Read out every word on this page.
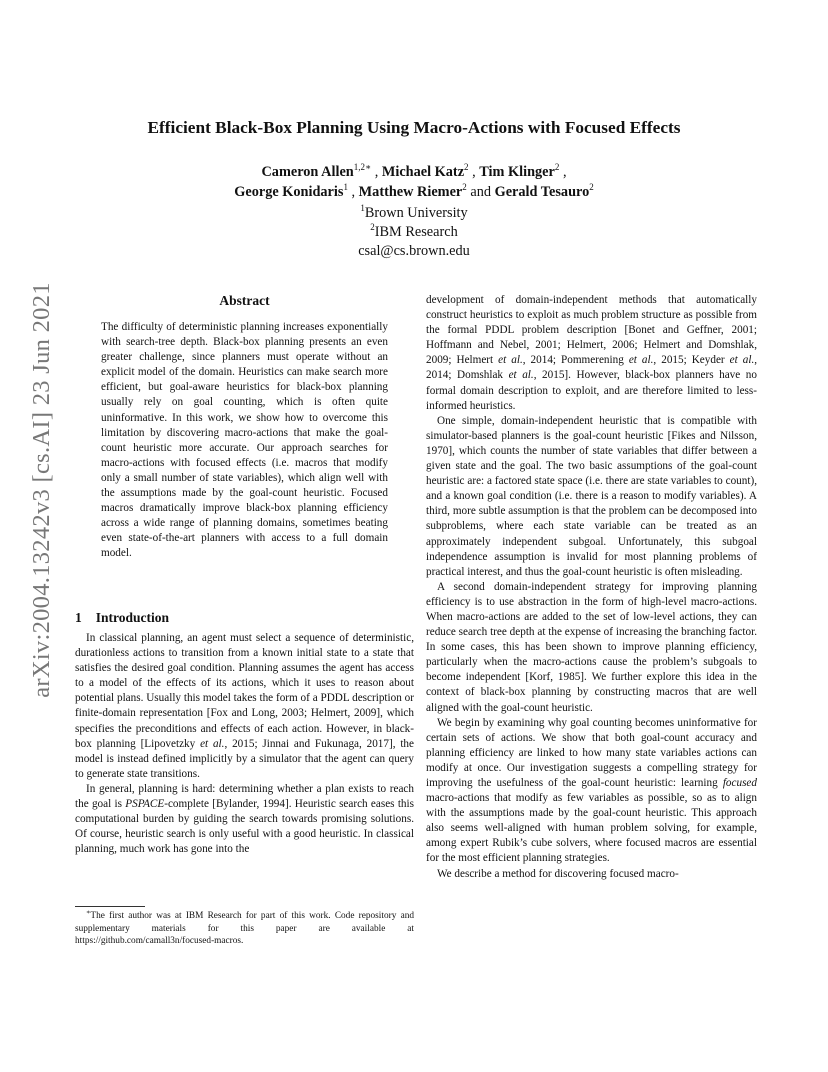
arXiv:2004.13242v3 [cs.AI] 23 Jun 2021
Efficient Black-Box Planning Using Macro-Actions with Focused Effects
Cameron Allen$^{1,2∗}$ , Michael Katz$^2$ , Tim Klinger$^2$ ,
George Konidaris$^1$ , Matthew Riemer$^2$ and Gerald Tesauro$^2$
$^1$Brown University
$^2$IBM Research
csal@cs.brown.edu
Abstract

The difficulty of deterministic planning increases exponentially with search-tree depth. Black-box planning presents an even greater challenge, since planners must operate without an explicit model of the domain. Heuristics can make search more efficient, but goal-aware heuristics for black-box planning usually rely on goal counting, which is often quite uninformative. In this work, we show how to overcome this limitation by discovering macro-actions that make the goal-count heuristic more accurate. Our approach searches for macro-actions with focused effects (i.e. macros that modify only a small number of state variables), which align well with the assumptions made by the goal-count heuristic. Focused macros dramatically improve black-box planning efficiency across a wide range of planning domains, sometimes beating even state-of-the-art planners with access to a full domain model.

1 Introduction

In classical planning, an agent must select a sequence of deterministic, durationless actions to transition from a known initial state to a state that satisfies the desired goal condition. Planning assumes the agent has access to a model of the effects of its actions, which it uses to reason about potential plans. Usually this model takes the form of a PDDL description or finite-domain representation [Fox and Long, 2003; Helmert, 2009], which specifies the preconditions and effects of each action. However, in black-box planning [Lipovetzky et al., 2015; Jinnai and Fukunaga, 2017], the model is instead defined implicitly by a simulator that the agent can query to generate state transitions.

In general, planning is hard: determining whether a plan exists to reach the goal is PSPACE-complete [Bylander, 1994]. Heuristic search eases this computational burden by guiding the search towards promising solutions. Of course, heuristic search is only useful with a good heuristic. In classical planning, much work has gone into the

∗The first author was at IBM Research for part of this work. Code repository and supplementary materials for this paper are available at https://github.com/camall3n/focused-macros.

development of domain-independent methods that automatically construct heuristics to exploit as much problem structure as possible from the formal PDDL problem description [Bonet and Geffner, 2001; Hoffmann and Nebel, 2001; Helmert, 2006; Helmert and Domshlak, 2009; Helmert et al., 2014; Pommerening et al., 2015; Keyder et al., 2014; Domshlak et al., 2015]. However, black-box planners have no formal domain description to exploit, and are therefore limited to less-informed heuristics.

One simple, domain-independent heuristic that is compatible with simulator-based planners is the goal-count heuristic [Fikes and Nilsson, 1970], which counts the number of state variables that differ between a given state and the goal. The two basic assumptions of the goal-count heuristic are: a factored state space (i.e. there are state variables to count), and a known goal condition (i.e. there is a reason to modify variables). A third, more subtle assumption is that the problem can be decomposed into subproblems, where each state variable can be treated as an approximately independent subgoal. Unfortunately, this subgoal independence assumption is invalid for most planning problems of practical interest, and thus the goal-count heuristic is often misleading.

A second domain-independent strategy for improving planning efficiency is to use abstraction in the form of high-level macro-actions. When macro-actions are added to the set of low-level actions, they can reduce search tree depth at the expense of increasing the branching factor. In some cases, this has been shown to improve planning efficiency, particularly when the macro-actions cause the problem’s subgoals to become independent [Korf, 1985]. We further explore this idea in the context of black-box planning by constructing macros that are well aligned with the goal-count heuristic.

We begin by examining why goal counting becomes uninformative for certain sets of actions. We show that both goal-count accuracy and planning efficiency are linked to how many state variables actions can modify at once. Our investigation suggests a compelling strategy for improving the usefulness of the goal-count heuristic: learning focused macro-actions that modify as few variables as possible, so as to align with the assumptions made by the goal-count heuristic. This approach also seems well-aligned with human problem solving, for example, among expert Rubik’s cube solvers, where focused macros are essential for the most efficient planning strategies.

We describe a method for discovering focused macro-
